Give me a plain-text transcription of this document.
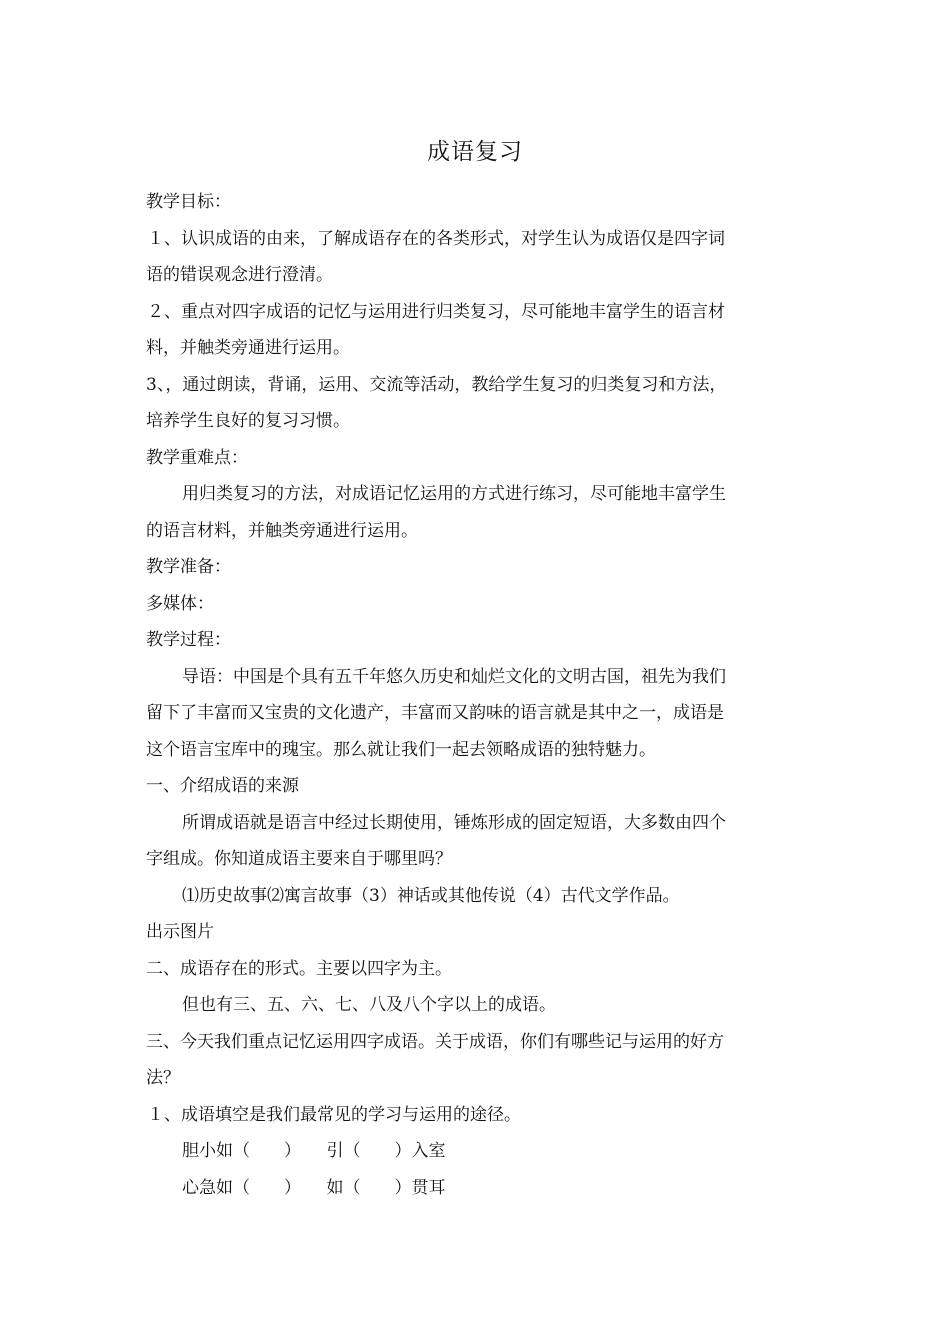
成语复习
教学目标：
１、认识成语的由来，了解成语存在的各类形式，对学生认为成语仅是四字词
语的错误观念进行澄清。
２、重点对四字成语的记忆与运用进行归类复习，尽可能地丰富学生的语言材
料，并触类旁通进行运用。
3、，通过朗读，背诵，运用、交流等活动，教给学生复习的归类复习和方法，
培养学生良好的复习习惯。
教学重难点：
用归类复习的方法，对成语记忆运用的方式进行练习，尽可能地丰富学生
的语言材料，并触类旁通进行运用。
教学准备：
多媒体：
教学过程：
导语：中国是个具有五千年悠久历史和灿烂文化的文明古国，祖先为我们
留下了丰富而又宝贵的文化遗产，丰富而又韵味的语言就是其中之一，成语是
这个语言宝库中的瑰宝。那么就让我们一起去领略成语的独特魅力。
一、介绍成语的来源
所谓成语就是语言中经过长期使用，锤炼形成的固定短语，大多数由四个
字组成。你知道成语主要来自于哪里吗？
⑴历史故事⑵寓言故事（3）神话或其他传说（4）古代文学作品。
出示图片
二、成语存在的形式。主要以四字为主。
但也有三、五、六、七、八及八个字以上的成语。
三、今天我们重点记忆运用四字成语。关于成语，你们有哪些记与运用的好方
法？
１、成语填空是我们最常见的学习与运用的途径。
胆小如（　　）　　引（　　）入室
心急如（　　）　　如（　　）贯耳
